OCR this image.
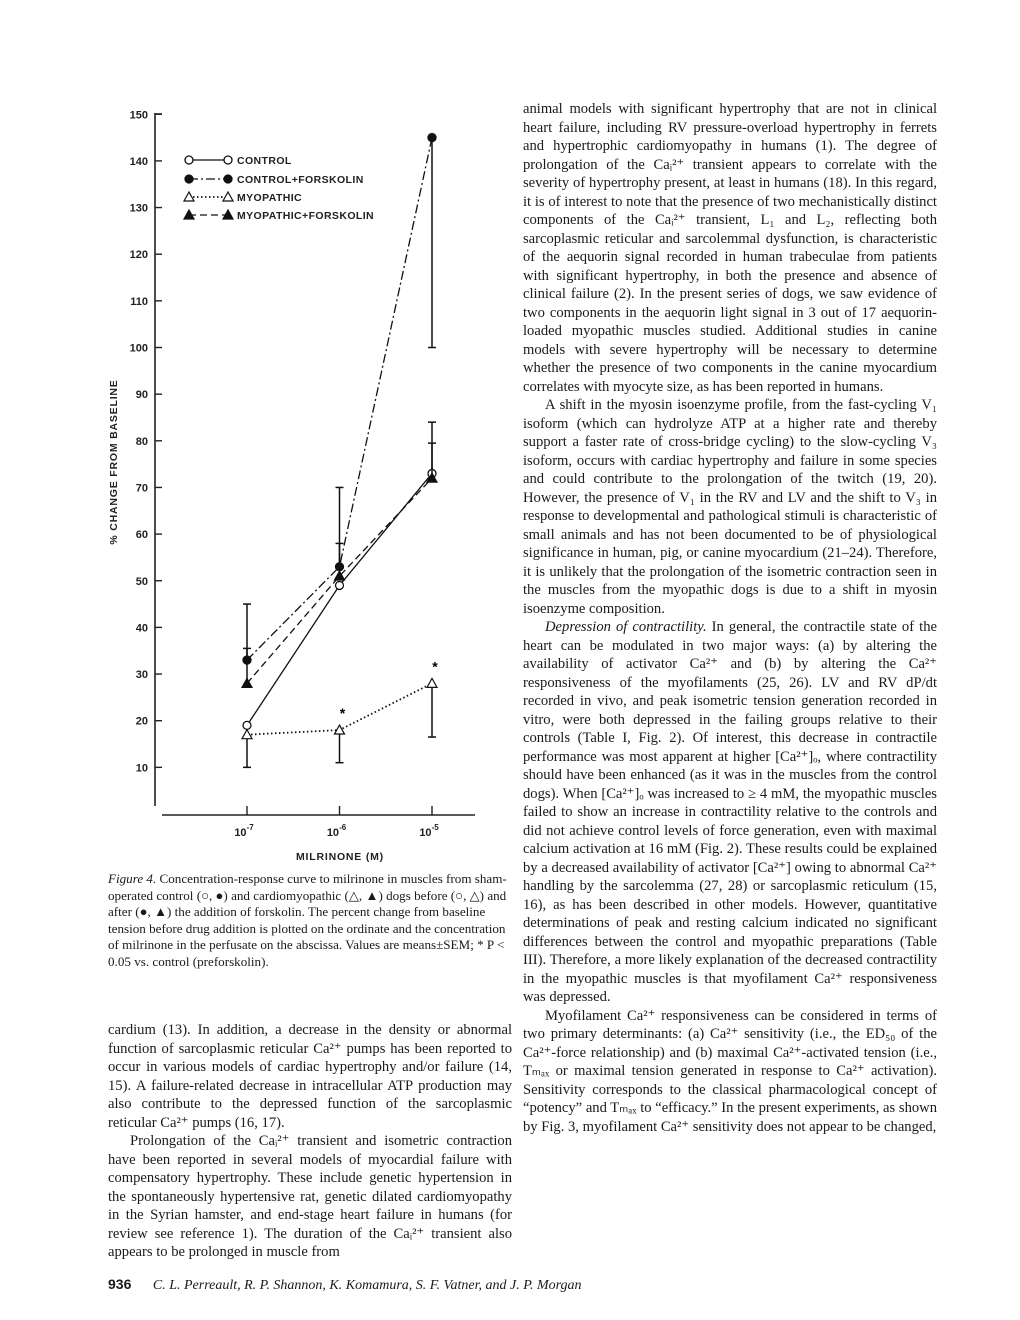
10
20
30
40
50
60
70
80
90
100
110
120
130
140
150
$10^{-7}$	$10^{-6}$	$10^{-5}$
% CHANGE FROM BASELINE
MILRINONE (M)
*
*
CONTROL
CONTROL+FORSKOLIN
MYOPATHIC
MYOPATHIC+FORSKOLIN
Figure 4. Concentration-response curve to milrinone in muscles from sham-operated control (○, ●) and cardiomyopathic (△, ▲) dogs before (○, △) and after (●, ▲) the addition of forskolin. The percent change from baseline tension before drug addition is plotted on the ordinate and the concentration of milrinone in the perfusate on the abscissa. Values are means±SEM; * P < 0.05 vs. control (preforskolin).

cardium (13). In addition, a decrease in the density or abnormal function of sarcoplasmic reticular Ca²⁺ pumps has been reported to occur in various models of cardiac hypertrophy and/or failure (14, 15). A failure-related decrease in intracellular ATP production may also contribute to the depressed function of the sarcoplasmic reticular Ca²⁺ pumps (16, 17).

Prolongation of the Caᵢ²⁺ transient and isometric contraction have been reported in several models of myocardial failure with compensatory hypertrophy. These include genetic hypertension in the spontaneously hypertensive rat, genetic dilated cardiomyopathy in the Syrian hamster, and end-stage heart failure in humans (for review see reference 1). The duration of the Caᵢ²⁺ transient also appears to be prolonged in muscle from

animal models with significant hypertrophy that are not in clinical heart failure, including RV pressure-overload hypertrophy in ferrets and hypertrophic cardiomyopathy in humans (1). The degree of prolongation of the Caᵢ²⁺ transient appears to correlate with the severity of hypertrophy present, at least in humans (18). In this regard, it is of interest to note that the presence of two mechanistically distinct components of the Caᵢ²⁺ transient, L₁ and L₂, reflecting both sarcoplasmic reticular and sarcolemmal dysfunction, is characteristic of the aequorin signal recorded in human trabeculae from patients with significant hypertrophy, in both the presence and absence of clinical failure (2). In the present series of dogs, we saw evidence of two components in the aequorin light signal in 3 out of 17 aequorin-loaded myopathic muscles studied. Additional studies in canine models with severe hypertrophy will be necessary to determine whether the presence of two components in the canine myocardium correlates with myocyte size, as has been reported in humans.

A shift in the myosin isoenzyme profile, from the fast-cycling V₁ isoform (which can hydrolyze ATP at a higher rate and thereby support a faster rate of cross-bridge cycling) to the slow-cycling V₃ isoform, occurs with cardiac hypertrophy and failure in some species and could contribute to the prolongation of the twitch (19, 20). However, the presence of V₁ in the RV and LV and the shift to V₃ in response to developmental and pathological stimuli is characteristic of small animals and has not been documented to be of physiological significance in human, pig, or canine myocardium (21–24). Therefore, it is unlikely that the prolongation of the isometric contraction seen in the muscles from the myopathic dogs is due to a shift in myosin isoenzyme composition.

Depression of contractility. In general, the contractile state of the heart can be modulated in two major ways: (a) by altering the availability of activator Ca²⁺ and (b) by altering the Ca²⁺ responsiveness of the myofilaments (25, 26). LV and RV dP/dt recorded in vivo, and peak isometric tension generation recorded in vitro, were both depressed in the failing groups relative to their controls (Table I, Fig. 2). Of interest, this decrease in contractile performance was most apparent at higher [Ca²⁺]ₒ, where contractility should have been enhanced (as it was in the muscles from the control dogs). When [Ca²⁺]ₒ was increased to ≥ 4 mM, the myopathic muscles failed to show an increase in contractility relative to the controls and did not achieve control levels of force generation, even with maximal calcium activation at 16 mM (Fig. 2). These results could be explained by a decreased availability of activator [Ca²⁺] owing to abnormal Ca²⁺ handling by the sarcolemma (27, 28) or sarcoplasmic reticulum (15, 16), as has been described in other models. However, quantitative determinations of peak and resting calcium indicated no significant differences between the control and myopathic preparations (Table III). Therefore, a more likely explanation of the decreased contractility in the myopathic muscles is that myofilament Ca²⁺ responsiveness was depressed.

Myofilament Ca²⁺ responsiveness can be considered in terms of two primary determinants: (a) Ca²⁺ sensitivity (i.e., the ED₅₀ of the Ca²⁺-force relationship) and (b) maximal Ca²⁺-activated tension (i.e., Tₘₐₓ or maximal tension generated in response to Ca²⁺ activation). Sensitivity corresponds to the classical pharmacological concept of “potency” and Tₘₐₓ to “efficacy.” In the present experiments, as shown by Fig. 3, myofilament Ca²⁺ sensitivity does not appear to be changed,

936 C. L. Perreault, R. P. Shannon, K. Komamura, S. F. Vatner, and J. P. Morgan
